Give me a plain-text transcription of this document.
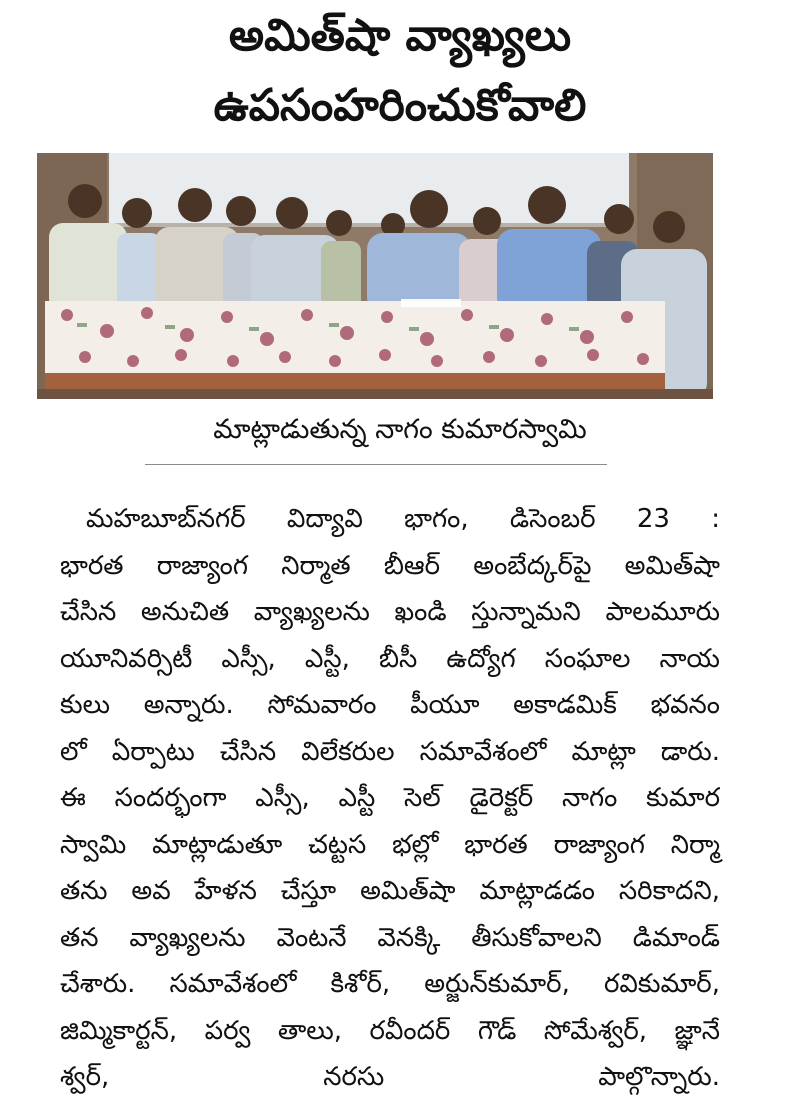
అమిత్‌షా వ్యాఖ్యలు
ఉపసంహరించుకోవాలి
మాట్లాడుతున్న నాగం కుమారస్వామి
మహబూబ్‌నగర్ విద్యావి భాగం, డిసెంబర్ 23 :
భారత రాజ్యాంగ నిర్మాత బీఆర్ అంబేద్కర్‌పై అమిత్‌షా
చేసిన అనుచిత వ్యాఖ్యలను ఖండి స్తున్నామని పాలమూరు
యూనివర్సిటీ ఎస్సీ, ఎస్టీ, బీసీ ఉద్యోగ సంఘాల నాయ
కులు అన్నారు. సోమవారం పీయూ అకాడమిక్ భవనం
లో ఏర్పాటు చేసిన విలేకరుల సమావేశంలో మాట్లా డారు.
ఈ సందర్భంగా ఎస్సీ, ఎస్టీ సెల్ డైరెక్టర్ నాగం కుమార
స్వామి మాట్లాడుతూ చట్టస భల్లో భారత రాజ్యాంగ నిర్మా
తను అవ హేళన చేస్తూ అమిత్‌షా మాట్లాడడం సరికాదని,
తన వ్యాఖ్యలను వెంటనే వెనక్కి తీసుకోవాలని డిమాండ్
చేశారు. సమావేశంలో కిశోర్, అర్జున్‌కుమార్, రవికుమార్,
జిమ్మికార్టన్, పర్వ తాలు, రవీందర్ గౌడ్ సోమేశ్వర్, జ్ఞానే
శ్వర్, నరసు పాల్గొన్నారు.
